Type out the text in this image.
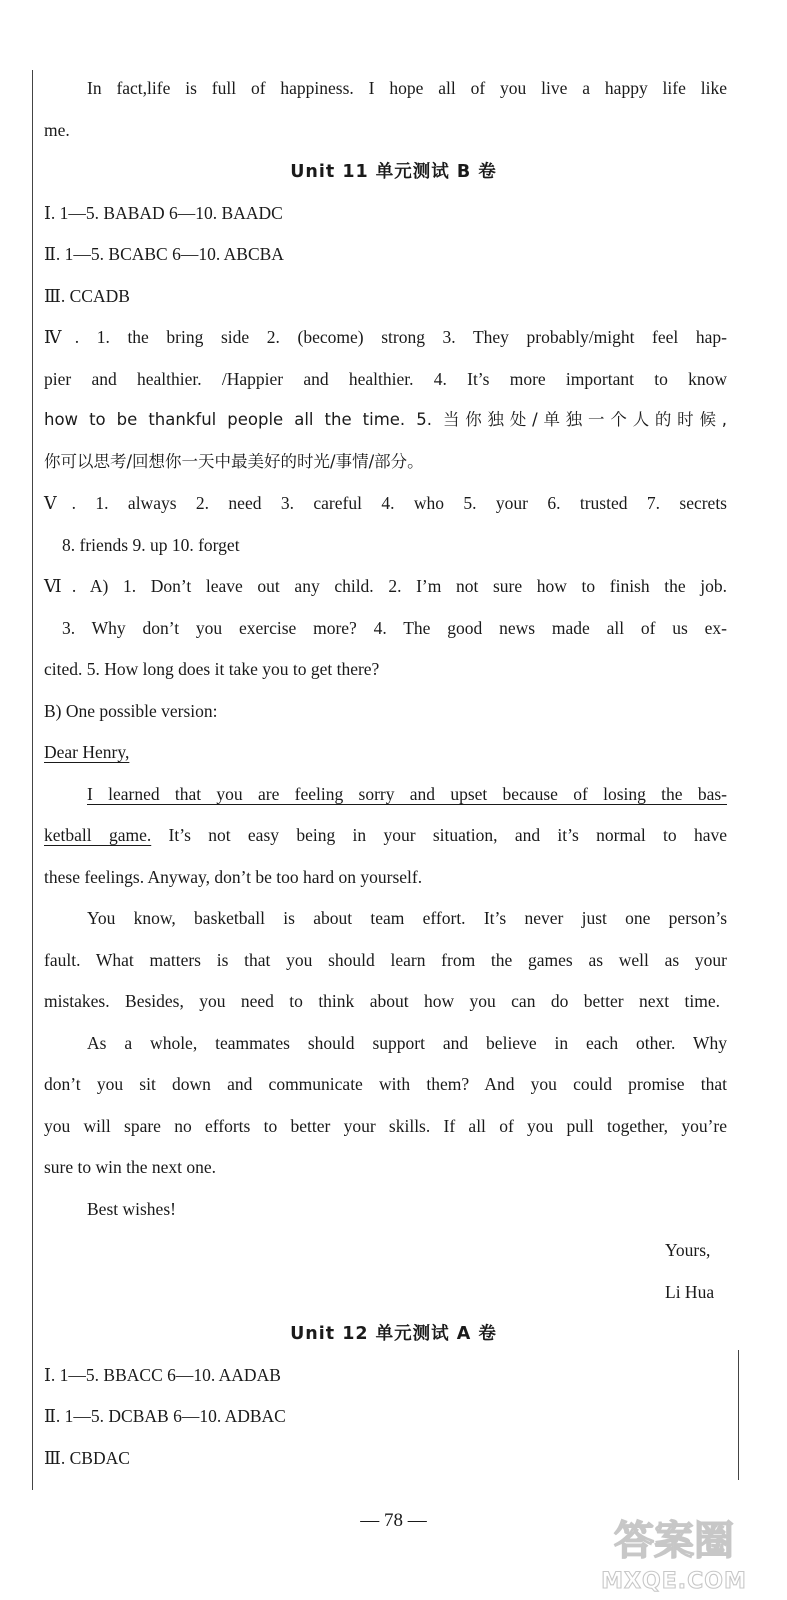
In fact,life is full of happiness. I hope all of you live a happy life like
me.
Unit 11 单元测试 B 卷
Ⅰ. 1—5. BABAD 6—10. BAADC
Ⅱ. 1—5. BCABC 6—10. ABCBA
Ⅲ. CCADB
Ⅳ. 1. the bring side 2. (become) strong 3. They probably/might feel hap-
pier and healthier. /Happier and healthier. 4. It’s more important to know
how to be thankful people all the time. 5. 当你独处/单独一个人的时候,
你可以思考/回想你一天中最美好的时光/事情/部分。
Ⅴ. 1. always 2. need 3. careful 4. who 5. your 6. trusted 7. secrets
8. friends 9. up 10. forget
Ⅵ. A) 1. Don’t leave out any child. 2. I’m not sure how to finish the job.
3. Why don’t you exercise more? 4. The good news made all of us ex-
cited. 5. How long does it take you to get there?
B) One possible version:
Dear Henry,
I learned that you are feeling sorry and upset because of losing the bas-
ketball game. It’s not easy being in your situation, and it’s normal to have
these feelings. Anyway, don’t be too hard on yourself.
You know, basketball is about team effort. It’s never just one person’s
fault. What matters is that you should learn from the games as well as your
mistakes. Besides, you need to think about how you can do better next time.
As a whole, teammates should support and believe in each other. Why
don’t you sit down and communicate with them? And you could promise that
you will spare no efforts to better your skills. If all of you pull together, you’re
sure to win the next one.
Best wishes!
Yours,
Li Hua
Unit 12 单元测试 A 卷
Ⅰ. 1—5. BBACC 6—10. AADAB
Ⅱ. 1—5. DCBAB 6—10. ADBAC
Ⅲ. CBDAC
— 78 —	答案圈
MXQE.COM
